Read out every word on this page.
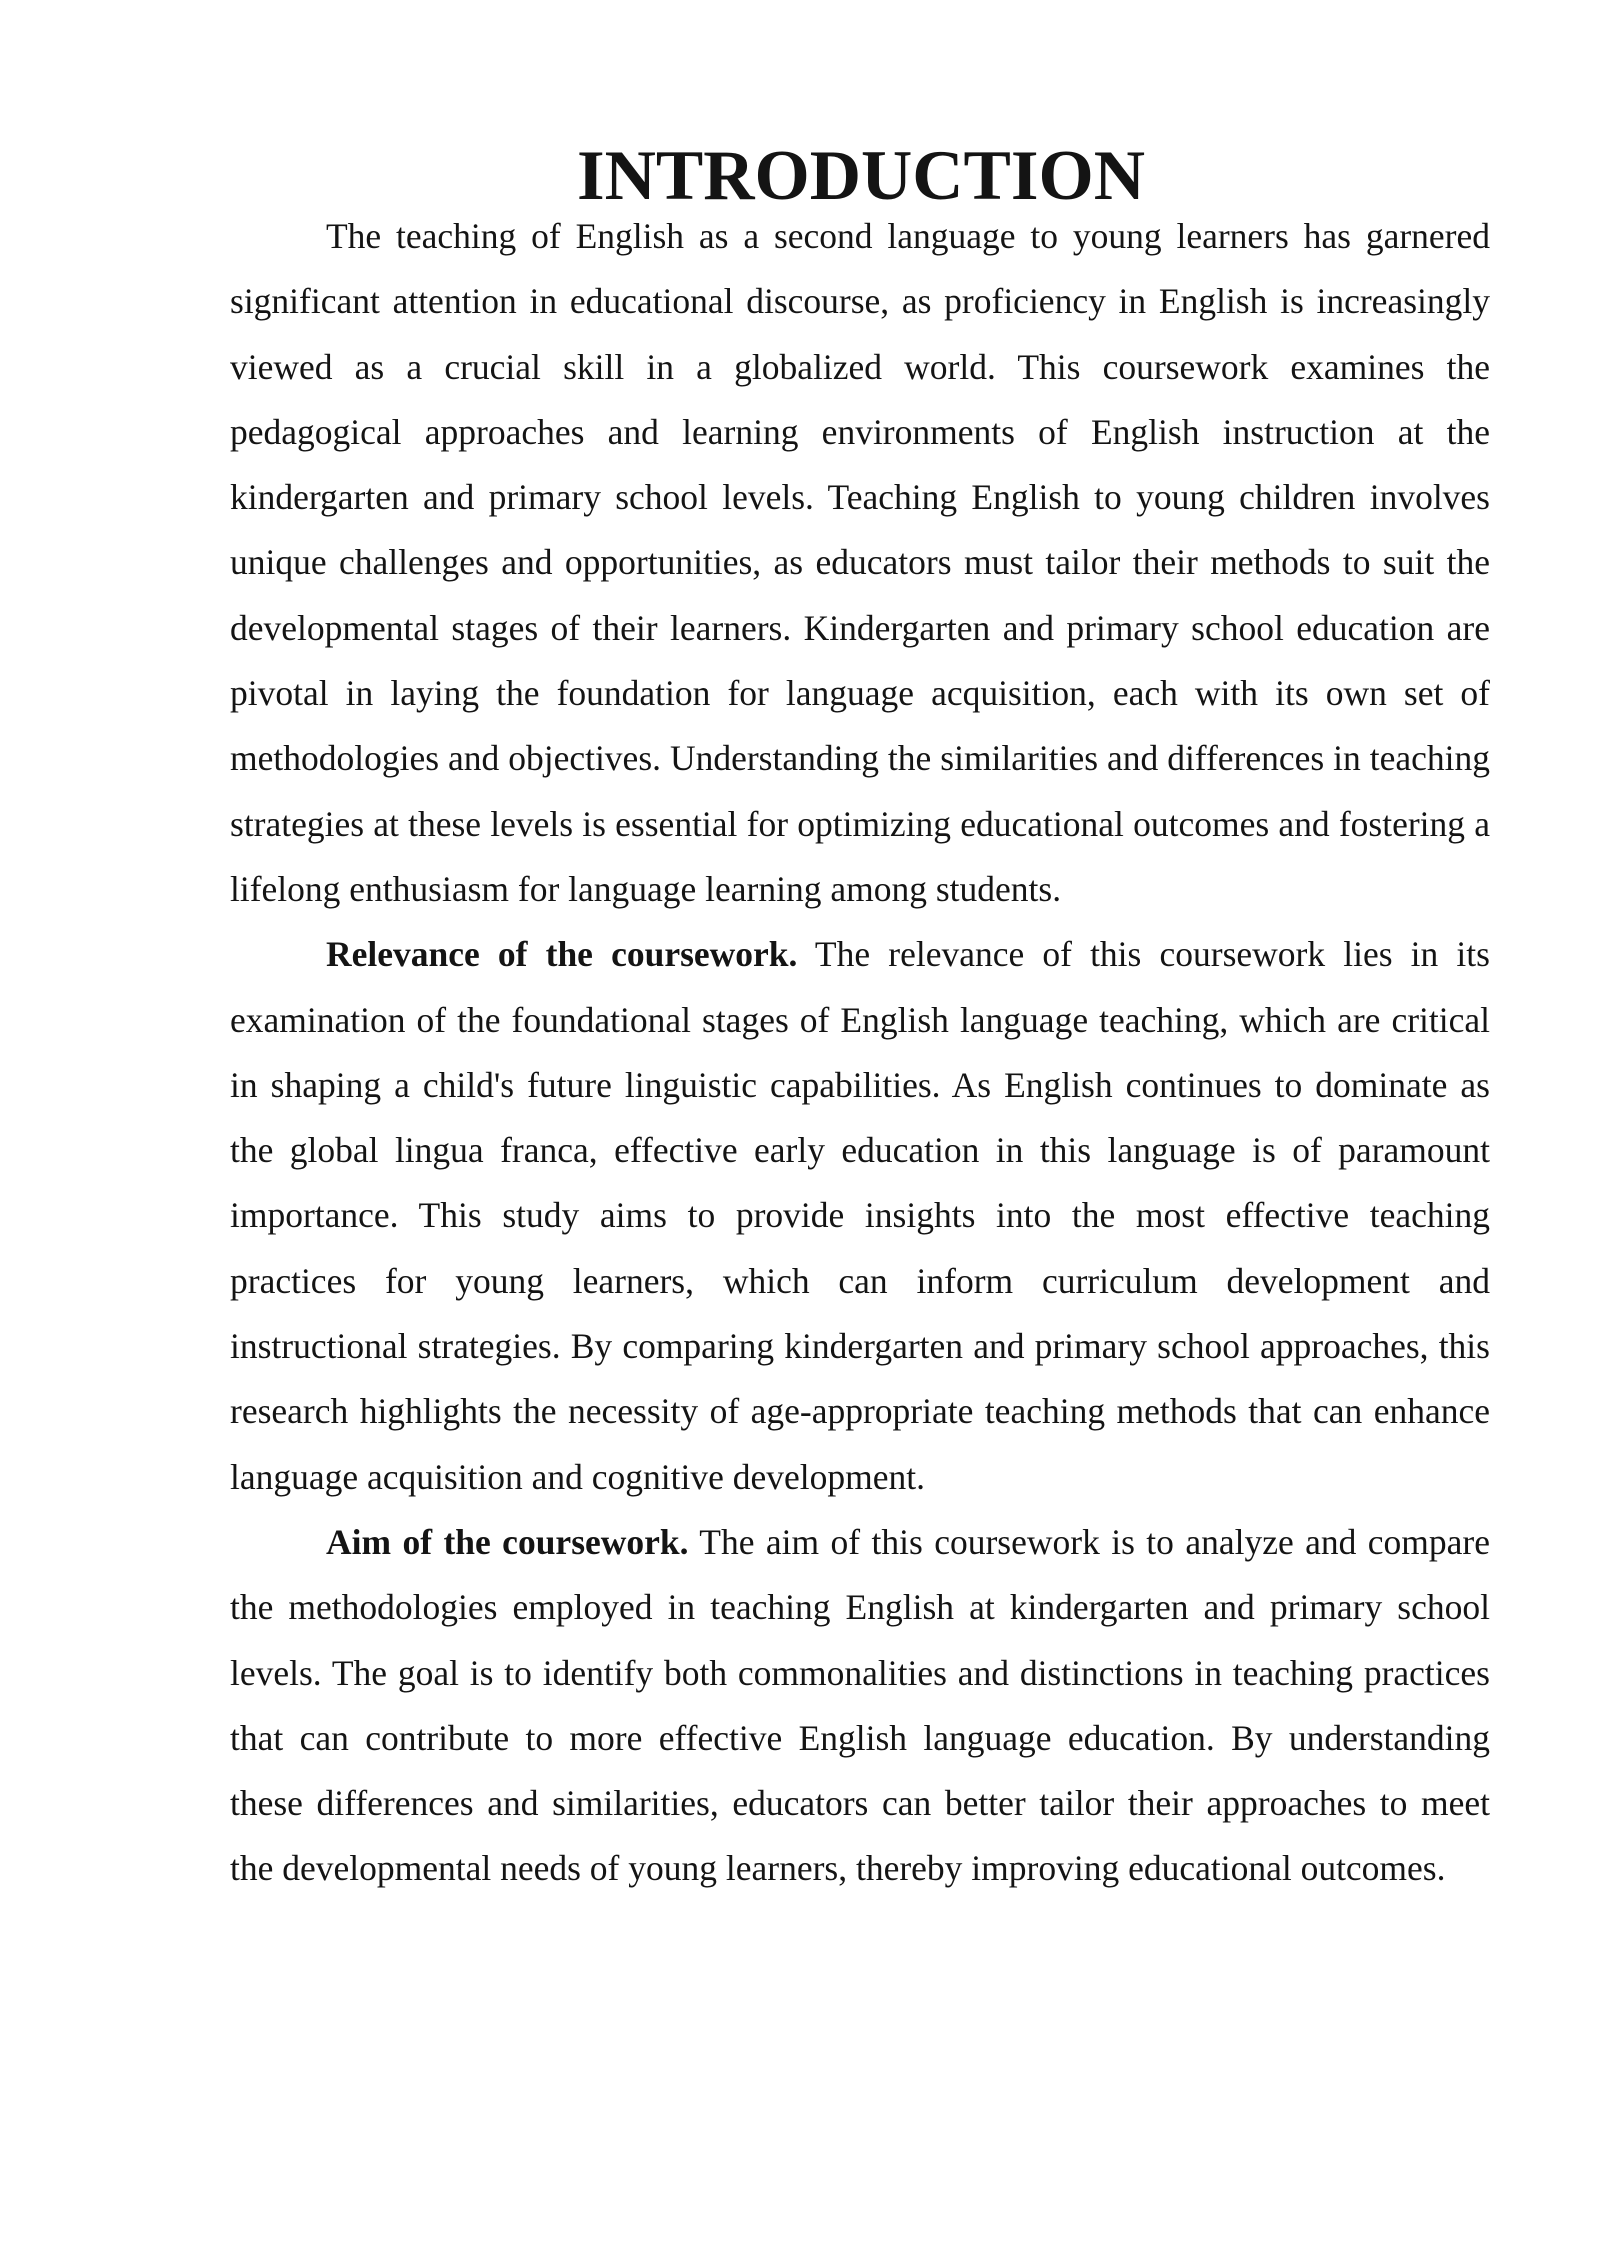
INTRODUCTION

The teaching of English as a second language to young learners has garnered significant attention in educational discourse, as proficiency in English is increasingly viewed as a crucial skill in a globalized world. This coursework examines the pedagogical approaches and learning environments of English instruction at the kindergarten and primary school levels. Teaching English to young children involves unique challenges and opportunities, as educators must tailor their methods to suit the developmental stages of their learners. Kindergarten and primary school education are pivotal in laying the foundation for language acquisition, each with its own set of methodologies and objectives. Understanding the similarities and differences in teaching strategies at these levels is essential for optimizing educational outcomes and fostering a lifelong enthusiasm for language learning among students.

Relevance of the coursework. The relevance of this coursework lies in its examination of the foundational stages of English language teaching, which are critical in shaping a child's future linguistic capabilities. As English continues to dominate as the global lingua franca, effective early education in this language is of paramount importance. This study aims to provide insights into the most effective teaching practices for young learners, which can inform curriculum development and instructional strategies. By comparing kindergarten and primary school approaches, this research highlights the necessity of age-appropriate teaching methods that can enhance language acquisition and cognitive development.

Aim of the coursework. The aim of this coursework is to analyze and compare the methodologies employed in teaching English at kindergarten and primary school levels. The goal is to identify both commonalities and distinctions in teaching practices that can contribute to more effective English language education. By understanding these differences and similarities, educators can better tailor their approaches to meet the developmental needs of young learners, thereby improving educational outcomes.
